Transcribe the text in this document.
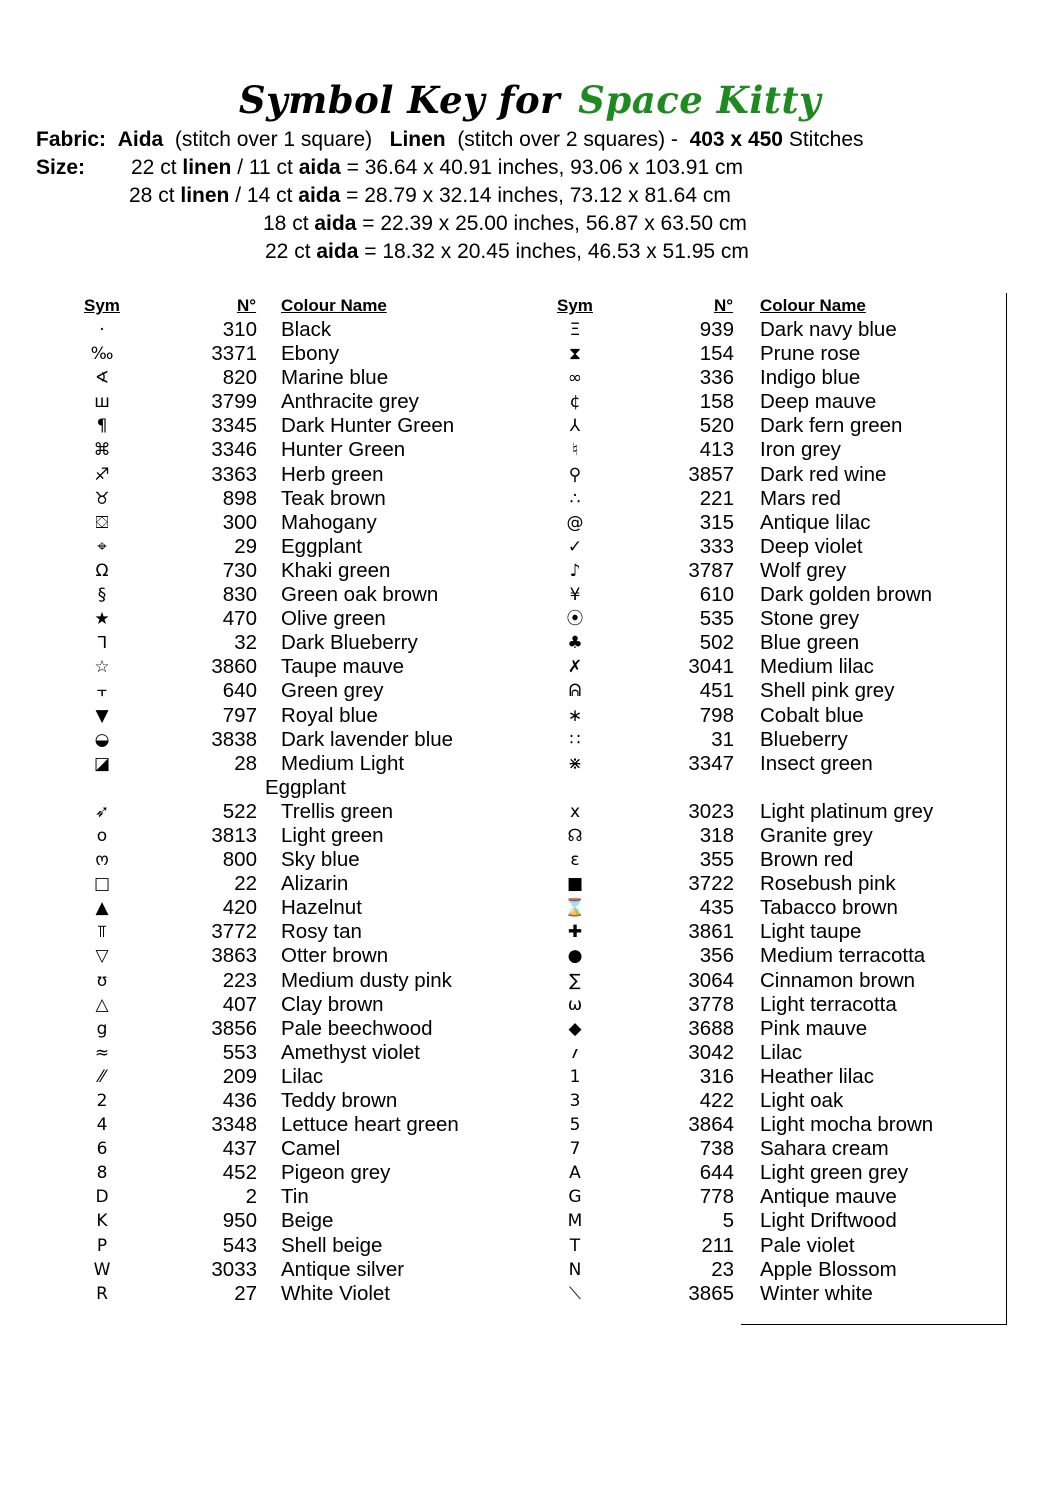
Symbol Key for Space Kitty
Fabric: Aida (stitch over 1 square) Linen (stitch over 2 squares) - 403 x 450 Stitches
Size: 22 ct linen / 11 ct aida = 36.64 x 40.91 inches, 93.06 x 103.91 cm
28 ct linen / 14 ct aida = 28.79 x 32.14 inches, 73.12 x 81.64 cm
18 ct aida = 22.39 x 25.00 inches, 56.87 x 63.50 cm
22 ct aida = 18.32 x 20.45 inches, 46.53 x 51.95 cm
Sym	N° Colour Name	Sym	N° Colour Name
·	310 Black
‰	3371 Ebony
∢	820 Marine blue
ш	3799 Anthracite grey
¶	3345 Dark Hunter Green
⌘	3346 Hunter Green
♐	3363 Herb green
♉	898 Teak brown
⛋	300 Mahogany
⌖	29 Eggplant
Ω	730 Khaki green
§	830 Green oak brown
★	470 Olive green
ᒣ	32 Dark Blueberry
☆	3860 Taupe mauve
⫟	640 Green grey
▼	797 Royal blue
◒	3838 Dark lavender blue
◪	28 Medium Light
Eggplant
➶	522 Trellis green
o	3813 Light green
ო	800 Sky blue
□	22 Alizarin
▲	420 Hazelnut
⫪	3772 Rosy tan
▽	3863 Otter brown
ʊ	223 Medium dusty pink
△	407 Clay brown
g	3856 Pale beechwood
≈	553 Amethyst violet
⁄⁄	209 Lilac
2	436 Teddy brown
4	3348 Lettuce heart green
6	437 Camel
8	452 Pigeon grey
D	2 Tin
K	950 Beige
P	543 Shell beige
W	3033 Antique silver
R	27 White Violet
Ξ	939 Dark navy blue
⧗	154 Prune rose
∞	336 Indigo blue
¢	158 Deep mauve
⅄	520 Dark fern green
♮	413 Iron grey
⚲	3857 Dark red wine
∴	221 Mars red
@	315 Antique lilac
✓	333 Deep violet
♪	3787 Wolf grey
¥	610 Dark golden brown
⦿	535 Stone grey
♣	502 Blue green
✗	3041 Medium lilac
ᕱ	451 Shell pink grey
∗	798 Cobalt blue
∷	31 Blueberry
⋇	3347 Insect green
x	3023 Light platinum grey
☊	318 Granite grey
ε	355 Brown red
■	3722 Rosebush pink
⌛	435 Tabacco brown
✚	3861 Light taupe
●	356 Medium terracotta
∑	3064 Cinnamon brown
ω	3778 Light terracotta
◆	3688 Pink mauve
؍	3042 Lilac
1	316 Heather lilac
3	422 Light oak
5	3864 Light mocha brown
7	738 Sahara cream
A	644 Light green grey
G	778 Antique mauve
M	5 Light Driftwood
T	211 Pale violet
N	23 Apple Blossom
⟍	3865 Winter white
